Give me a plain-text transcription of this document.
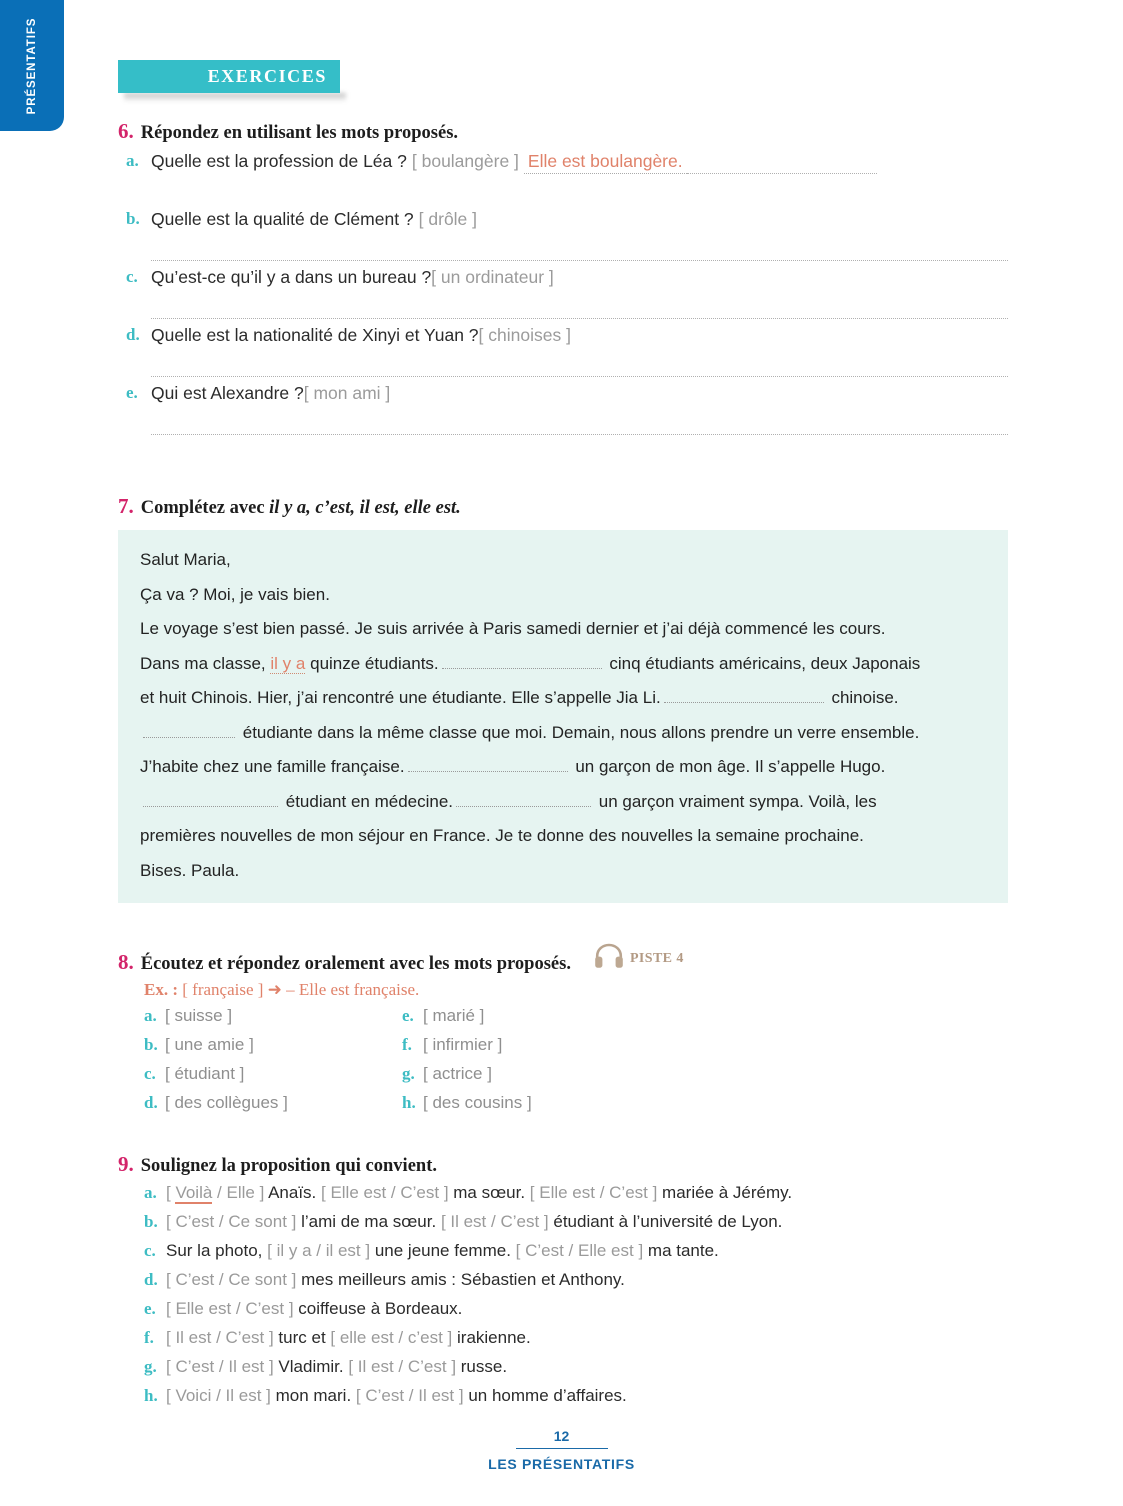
PRÉSENTATIFS	EXERCICES
6. Répondez en utilisant les mots proposés.
a. Quelle est la profession de Léa ? [ boulangère ] Elle est boulangère.
b. Quelle est la qualité de Clément ? [ drôle ]
c. Qu’est-ce qu’il y a dans un bureau ?[ un ordinateur ]
d. Quelle est la nationalité de Xinyi et Yuan ?[ chinoises ]
e. Qui est Alexandre ?[ mon ami ]
7. Complétez avec il y a, c’est, il est, elle est.

Salut Maria,

Ça va ? Moi, je vais bien.

Le voyage s’est bien passé. Je suis arrivée à Paris samedi dernier et j’ai déjà commencé les cours.

Dans ma classe, il y a quinze étudiants.	cinq étudiants américains, deux Japonais

et huit Chinois. Hier, j’ai rencontré une étudiante. Elle s’appelle Jia Li.	chinoise.

étudiante dans la même classe que moi. Demain, nous allons prendre un verre ensemble.

J’habite chez une famille française.	un garçon de mon âge. Il s’appelle Hugo.

étudiant en médecine.	un garçon vraiment sympa. Voilà, les

premières nouvelles de mon séjour en France. Je te donne des nouvelles la semaine prochaine.

Bises. Paula.

8. Écoutez et répondez oralement avec les mots proposés.	PISTE 4
Ex. : [ française ] ➜ – Elle est française.
a. [ suisse ]
b. [ une amie ]
c. [ étudiant ]
d. [ des collègues ]
e. [ marié ]
f. [ infirmier ]
g. [ actrice ]
h. [ des cousins ]
9. Soulignez la proposition qui convient.
a. [ Voilà / Elle ] Anaïs. [ Elle est / C’est ] ma sœur. [ Elle est / C’est ] mariée à Jérémy.
b. [ C’est / Ce sont ] l’ami de ma sœur. [ Il est / C’est ] étudiant à l’université de Lyon.
c. Sur la photo, [ il y a / il est ] une jeune femme. [ C’est / Elle est ] ma tante.
d. [ C’est / Ce sont ] mes meilleurs amis : Sébastien et Anthony.
e. [ Elle est / C’est ] coiffeuse à Bordeaux.
f. [ Il est / C’est ] turc et [ elle est / c’est ] irakienne.
g. [ C’est / Il est ] Vladimir. [ Il est / C’est ] russe.
h. [ Voici / Il est ] mon mari. [ C’est / Il est ] un homme d’affaires.
12
LES PRÉSENTATIFS
